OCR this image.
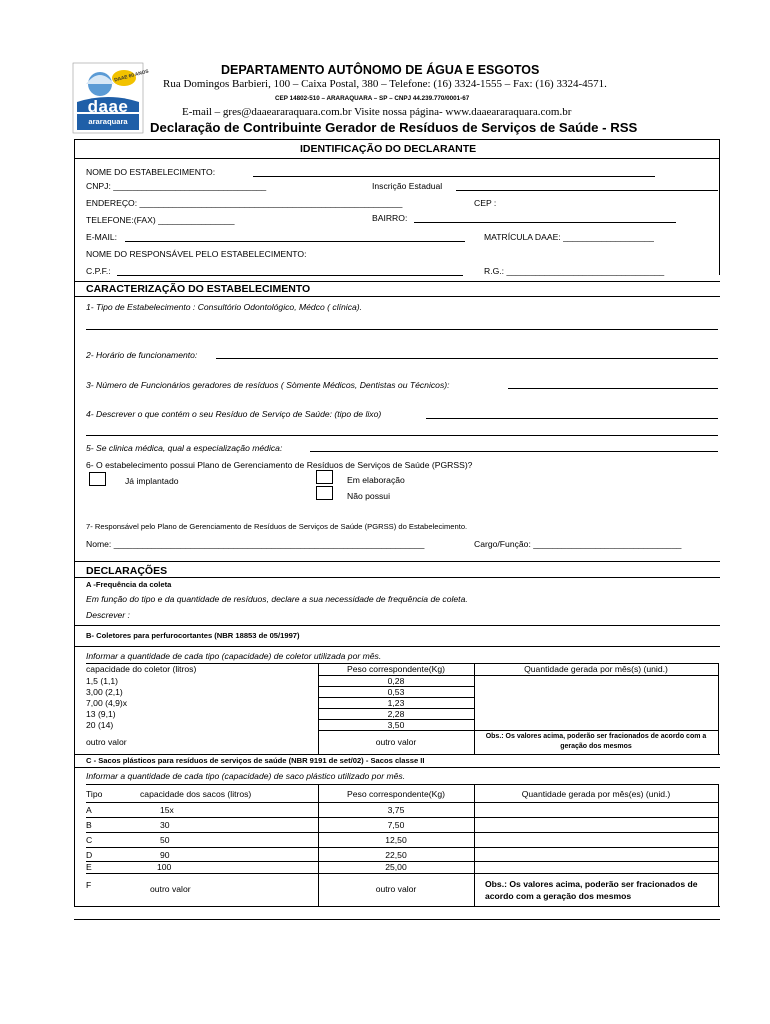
DAAE 60 ANOS
daae
araraquara
DEPARTAMENTO AUTÔNOMO DE ÁGUA E ESGOTOS
Rua Domingos Barbieri, 100 – Caixa Postal, 380 – Telefone: (16) 3324-1555 – Fax: (16) 3324-4571.
CEP 14802-510 – ARARAQUARA – SP – CNPJ 44.239.770/0001-67
E-mail – gres@daaeararaquara.com.br Visite nossa página- www.daaeararaquara.com.br
Declaração de Contribuinte Gerador de Resíduos de Serviços de Saúde - RSS
IDENTIFICAÇÃO DO DECLARANTE
NOME DO ESTABELECIMENTO:
CNPJ: ________________________________	Inscrição Estadual
ENDEREÇO: _______________________________________________________	CEP :
TELEFONE:(FAX) ________________	BAIRRO:
E-MAIL:	MATRÍCULA DAAE: ___________________
NOME DO RESPONSÁVEL PELO ESTABELECIMENTO:
C.P.F.:	R.G.: _________________________________
CARACTERIZAÇÃO DO ESTABELECIMENTO
1- Tipo de Estabelecimento : Consultório Odontológico, Médco ( clínica).
2- Horário de funcionamento:
3- Número de Funcionários geradores de resíduos ( Sòmente Médicos, Dentistas ou Técnicos):
4- Descrever o que contém o seu Resíduo de Serviço de Saúde: (tipo de lixo)
5- Se clinica médica, qual a especialização médica:
6- O estabelecimento possui Plano de Gerenciamento de Resíduos de Serviços de Saúde (PGRSS)?
Já implantado	Em elaboração
Não possui
7- Responsável pelo Plano de Gerenciamento de Resíduos de Serviços de Saúde (PGRSS) do Estabelecimento.
Nome: _________________________________________________________________	Cargo/Função: _______________________________
DECLARAÇÕES
A -Frequência da coleta
Em função do tipo e da quantidade de resíduos, declare a sua necessidade de frequência de coleta.
Descrever :
B- Coletores para perfurocortantes (NBR 18853 de 05/1997)
Informar a quantidade de cada tipo (capacidade) de coletor utilizada por mês.
capacidade do coletor (litros)	Peso correspondente(Kg)	Quantidade gerada por mês(s) (unid.)
1,5 (1,1)	0,28
3,00 (2,1)	0,53
7,00 (4,9)x	1,23
13 (9,1)	2,28
20 (14)	3,50
outro valor	outro valor
Obs.: Os valores acima, poderão ser fracionados de acordo com a geração dos mesmos
C - Sacos plásticos para resíduos de serviços de saúde (NBR 9191 de set/02) - Sacos classe II
Informar a quantidade de cada tipo (capacidade) de saco plástico utilizado por mês.
Tipo	capacidade dos sacos (litros)	Peso correspondente(Kg)	Quantidade gerada por mês(es) (unid.)
A	15x	3,75
B	30	7,50
C	50	12,50
D	90	22,50
E	100	25,00
F	outro valor	outro valor	Obs.: Os valores acima, poderão ser fracionados de acordo com a geração dos mesmos
